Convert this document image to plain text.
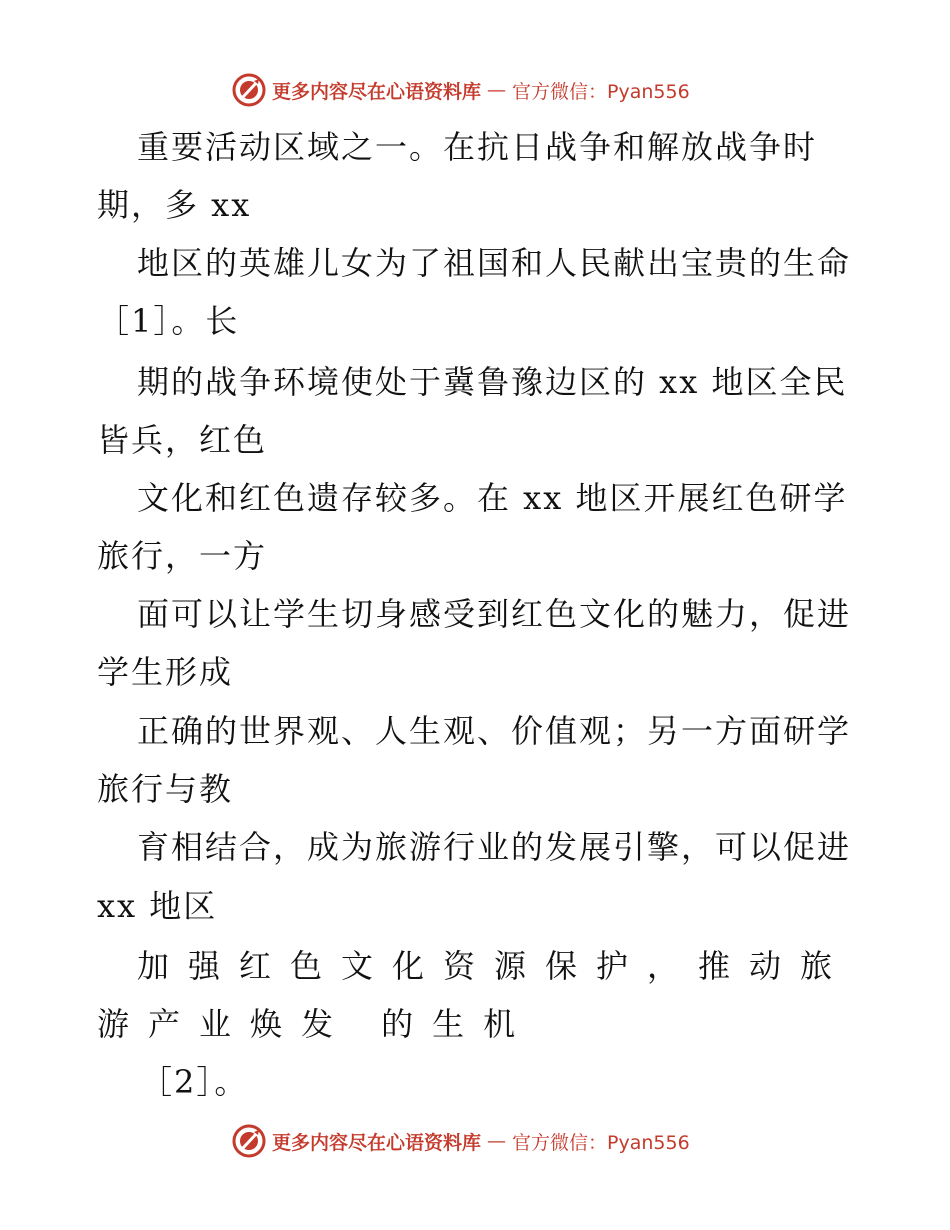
更多内容尽在心语资料库 — 官方微信：Pyan556
重要活动区域之一。在抗日战争和解放战争时
期，多 xx
地区的英雄儿女为了祖国和人民献出宝贵的生命
［1］。长
期的战争环境使处于冀鲁豫边区的 xx 地区全民
皆兵，红色
文化和红色遗存较多。在 xx 地区开展红色研学
旅行，一方
面可以让学生切身感受到红色文化的魅力，促进
学生形成
正确的世界观、人生观、价值观；另一方面研学
旅行与教
育相结合，成为旅游行业的发展引擎，可以促进
xx 地区
加强红色文化资源保护，推动旅
游产业焕发 的生机
［2］。
更多内容尽在心语资料库 — 官方微信：Pyan556
